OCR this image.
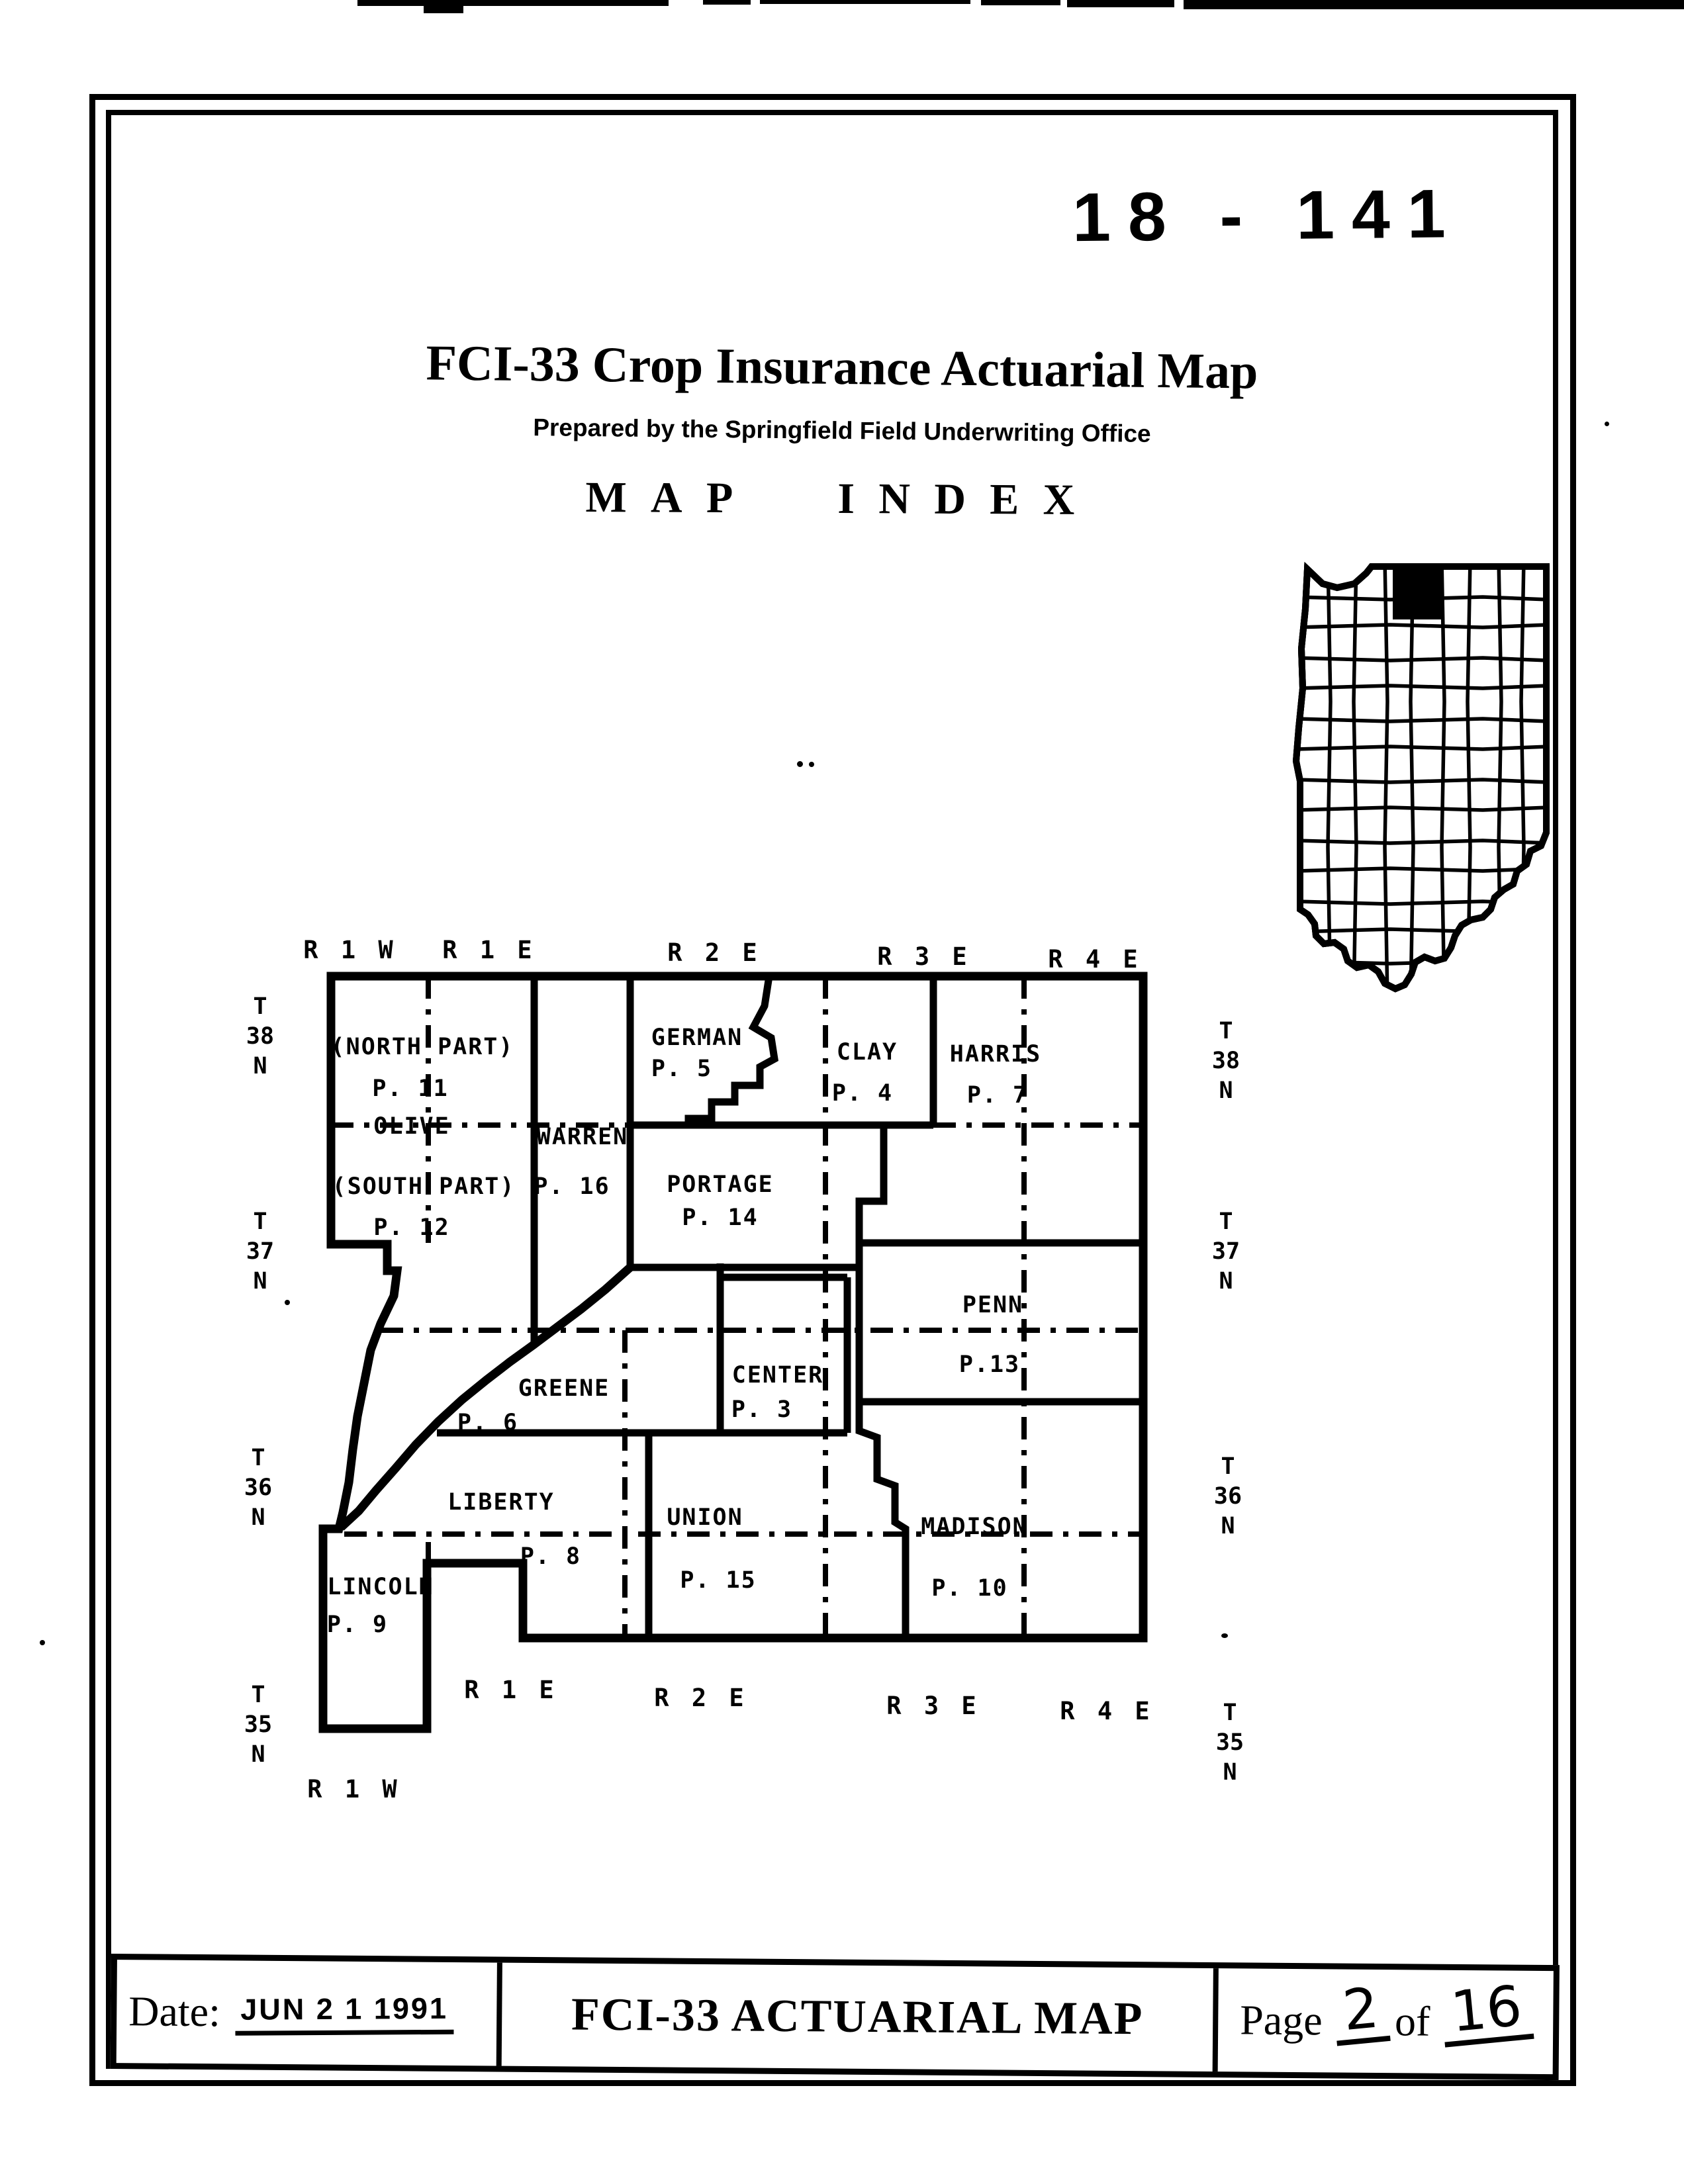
18 - 141
FCI-33 Crop Insurance Actuarial Map
Prepared by the Springfield Field Underwriting Office
MAP INDEX
R 1 W R 1 E	R 2 E	R 3 E	R 4 E
R 1 E	R 2 E	R 3 E	R 4 E
R 1 W
T
38
N
T
37
N
T
36
N
T
35
N
T
38
N
T
37
N
T
36
N
T
35
N
(NORTH PART)
P. 11
OLIVE	WARREN
GERMAN
P. 5
CLAY
P. 4
HARRIS
P. 7
(SOUTH PART)
P. 12
P. 16 PORTAGE
P. 14
PENN
P.13
GREENE
P. 6
CENTER
P. 3
LIBERTY
P. 8
UNION
P. 15
MADISON
P. 10
LINCOLN
P. 9
Date: JUN 2 1 1991	FCI-33 ACTUARIAL MAP Page 2 of 16
